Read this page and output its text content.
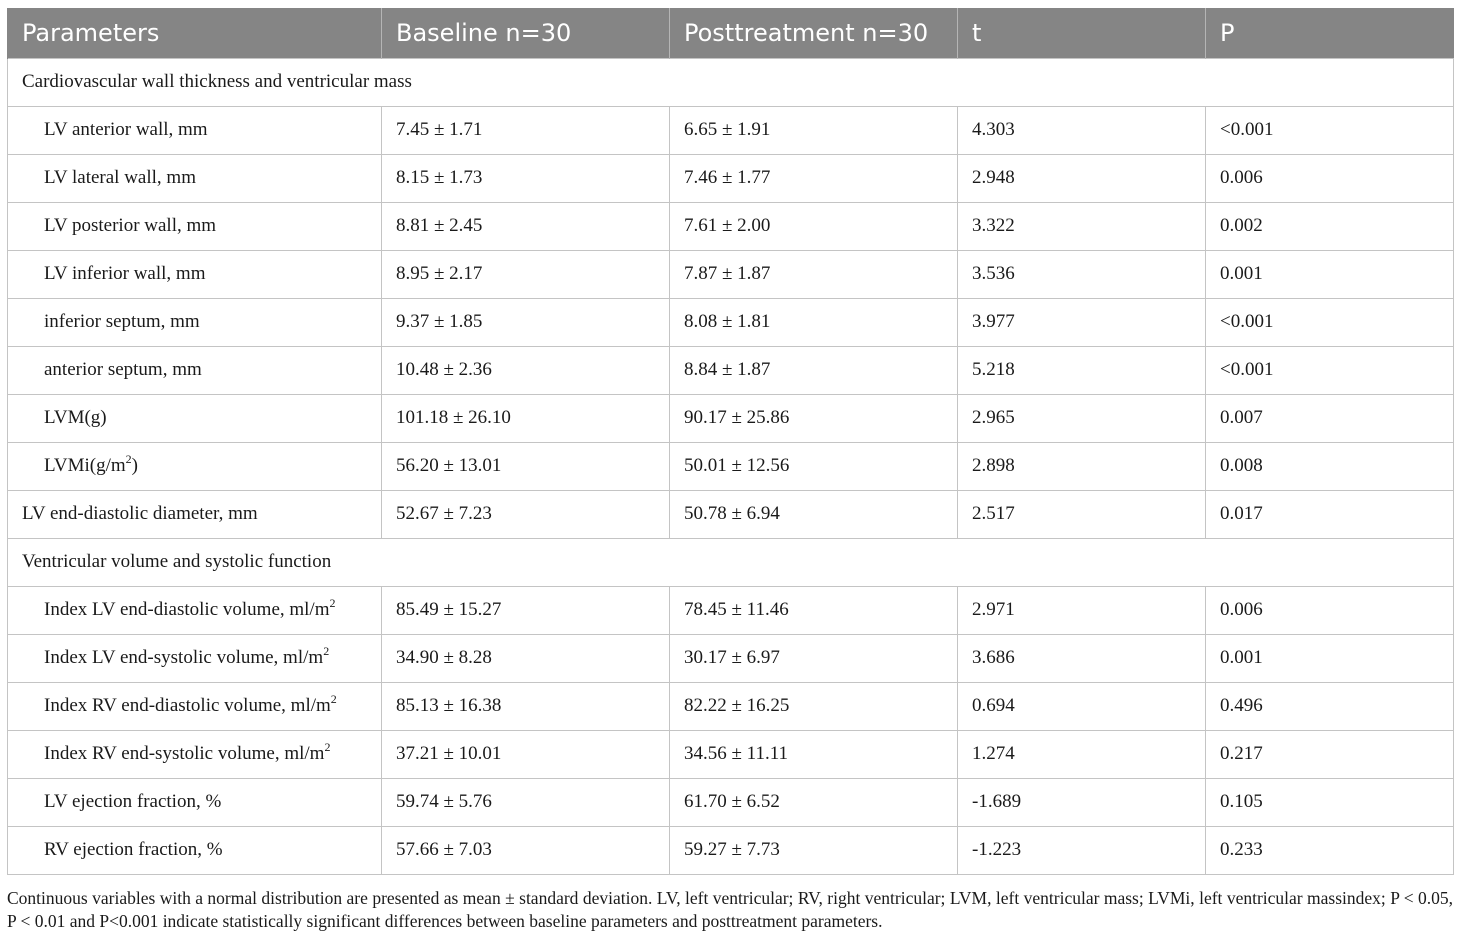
Parameters	Baseline n=30	Posttreatment n=30	t	P
Cardiovascular wall thickness and ventricular mass				
LV anterior wall, mm	7.45 ± 1.71	6.65 ± 1.91	4.303	<0.001
LV lateral wall, mm	8.15 ± 1.73	7.46 ± 1.77	2.948	0.006
LV posterior wall, mm	8.81 ± 2.45	7.61 ± 2.00	3.322	0.002
LV inferior wall, mm	8.95 ± 2.17	7.87 ± 1.87	3.536	0.001
inferior septum, mm	9.37 ± 1.85	8.08 ± 1.81	3.977	<0.001
anterior septum, mm	10.48 ± 2.36	8.84 ± 1.87	5.218	<0.001
LVM(g)	101.18 ± 26.10	90.17 ± 25.86	2.965	0.007
$LVMi(g/m^2)$	56.20 ± 13.01	50.01 ± 12.56	2.898	0.008
LV end-diastolic diameter, mm	52.67 ± 7.23	50.78 ± 6.94	2.517	0.017
Ventricular volume and systolic function				
Index LV end-diastolic volume, $ml/m^2$	85.49 ± 15.27	78.45 ± 11.46	2.971	0.006
Index LV end-systolic volume, $ml/m^2$	34.90 ± 8.28	30.17 ± 6.97	3.686	0.001
Index RV end-diastolic volume, $ml/m^2$	85.13 ± 16.38	82.22 ± 16.25	0.694	0.496
Index RV end-systolic volume, $ml/m^2$	37.21 ± 10.01	34.56 ± 11.11	1.274	0.217
LV ejection fraction, %	59.74 ± 5.76	61.70 ± 6.52	-1.689	0.105
RV ejection fraction, %	57.66 ± 7.03	59.27 ± 7.73	-1.223	0.233
Continuous variables with a normal distribution are presented as mean ± standard deviation. LV, left ventricular; RV, right ventricular; LVM, left ventricular mass; LVMi, left ventricular massindex; P < 0.05, P < 0.01 and P<0.001 indicate statistically significant differences between baseline parameters and posttreatment parameters.
